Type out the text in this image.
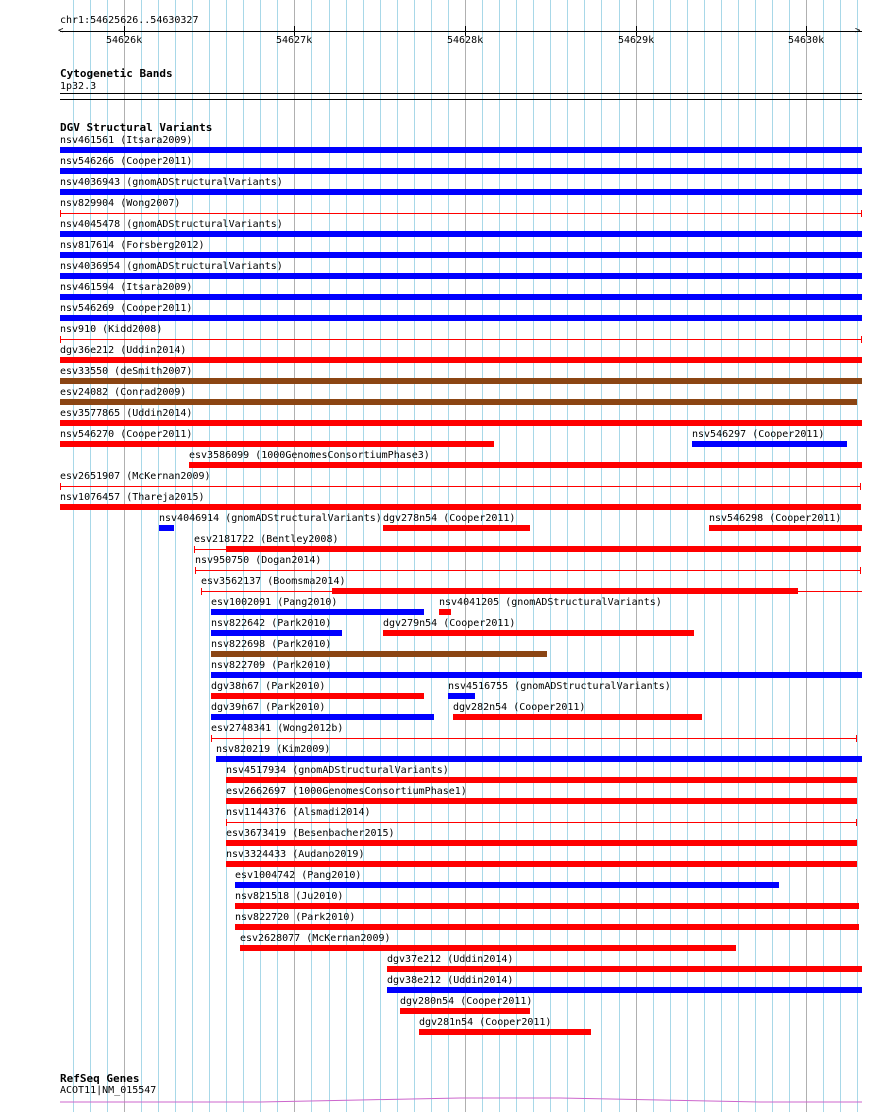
chr1:54625626..54630327
<	>
54626k	54627k	54628k	54629k	54630k
Cytogenetic Bands
1p32.3
DGV Structural Variants
nsv461561 (Itsara2009)
nsv546266 (Cooper2011)
nsv4036943 (gnomADStructuralVariants)
nsv829904 (Wong2007)
nsv4045478 (gnomADStructuralVariants)
nsv817614 (Forsberg2012)
nsv4036954 (gnomADStructuralVariants)
nsv461594 (Itsara2009)
nsv546269 (Cooper2011)
nsv910 (Kidd2008)
dgv36e212 (Uddin2014)
esv33550 (deSmith2007)
esv24082 (Conrad2009)
esv3577865 (Uddin2014)
nsv546270 (Cooper2011)	nsv546297 (Cooper2011)
esv3586099 (1000GenomesConsortiumPhase3)
esv2651907 (McKernan2009)
nsv1076457 (Thareja2015)
nsv4046914 (gnomADStructuralVariants) dgv278n54 (Cooper2011)	nsv546298 (Cooper2011)
esv2181722 (Bentley2008)
nsv950750 (Dogan2014)
esv3562137 (Boomsma2014)
esv1002091 (Pang2010)	nsv4041205 (gnomADStructuralVariants)
nsv822642 (Park2010)	dgv279n54 (Cooper2011)
nsv822698 (Park2010)
nsv822709 (Park2010)
dgv38n67 (Park2010)	nsv4516755 (gnomADStructuralVariants)
dgv39n67 (Park2010)	dgv282n54 (Cooper2011)
esv2748341 (Wong2012b)
nsv820219 (Kim2009)
nsv4517934 (gnomADStructuralVariants)
esv2662697 (1000GenomesConsortiumPhase1)
nsv1144376 (Alsmadi2014)
esv3673419 (Besenbacher2015)
nsv3324433 (Audano2019)
esv1004742 (Pang2010)
nsv821518 (Ju2010)
nsv822720 (Park2010)
esv2628077 (McKernan2009)
dgv37e212 (Uddin2014)
dgv38e212 (Uddin2014)
dgv280n54 (Cooper2011)
dgv281n54 (Cooper2011)
RefSeq Genes
ACOT11|NM_015547
